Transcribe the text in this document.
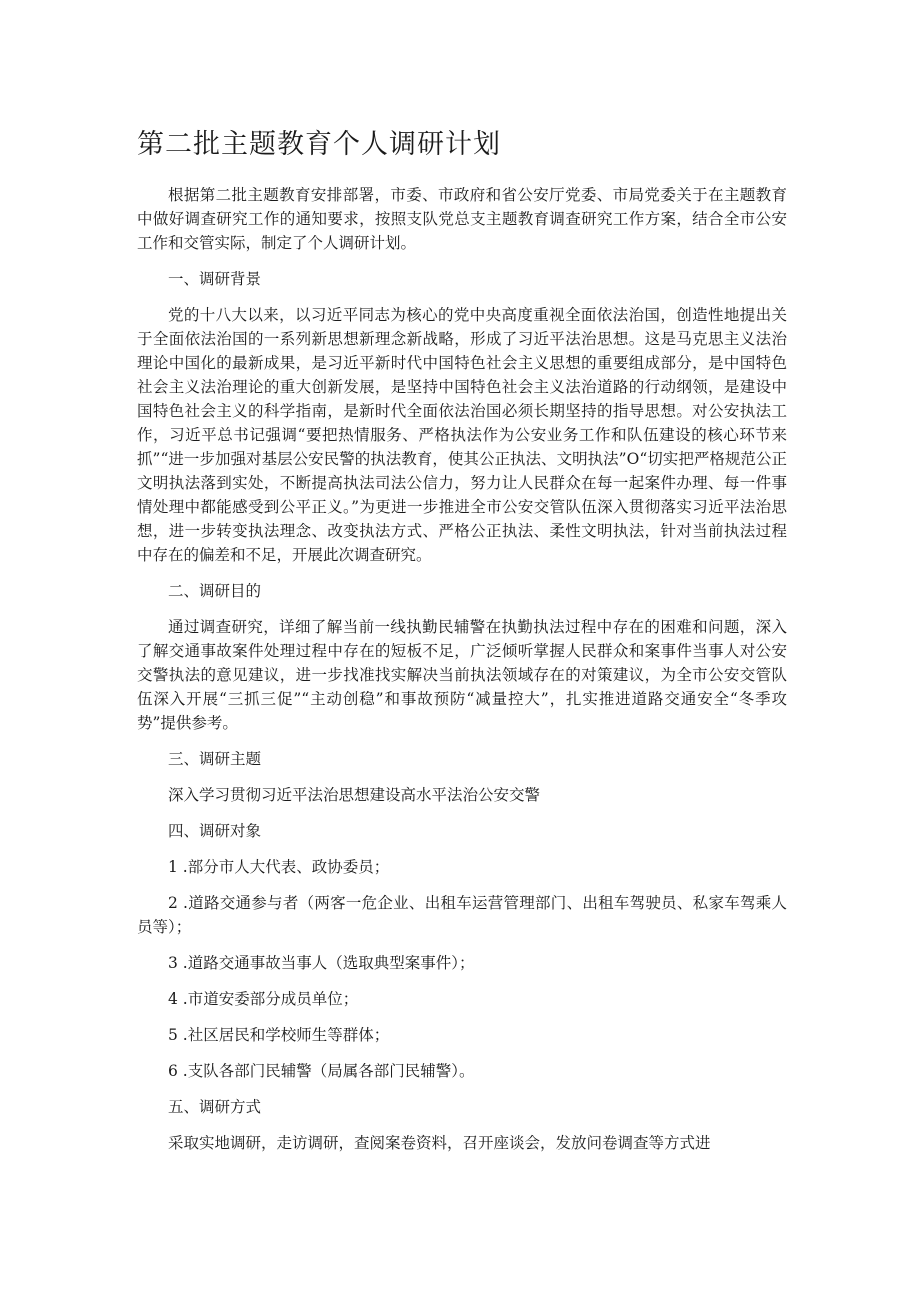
第二批主题教育个人调研计划

根据第二批主题教育安排部署，市委、市政府和省公安厅党委、市局党委关于在主题教育中做好调查研究工作的通知要求，按照支队党总支主题教育调查研究工作方案，结合全市公安工作和交管实际，制定了个人调研计划。

一、调研背景

党的十八大以来，以习近平同志为核心的党中央高度重视全面依法治国，创造性地提出关于全面依法治国的一系列新思想新理念新战略，形成了习近平法治思想。这是马克思主义法治理论中国化的最新成果，是习近平新时代中国特色社会主义思想的重要组成部分，是中国特色社会主义法治理论的重大创新发展，是坚持中国特色社会主义法治道路的行动纲领，是建设中国特色社会主义的科学指南，是新时代全面依法治国必须长期坚持的指导思想。对公安执法工作，习近平总书记强调“要把热情服务、严格执法作为公安业务工作和队伍建设的核心环节来抓”“进一步加强对基层公安民警的执法教育，使其公正执法、文明执法”O“切实把严格规范公正文明执法落到实处，不断提高执法司法公信力，努力让人民群众在每一起案件办理、每一件事情处理中都能感受到公平正义。”为更进一步推进全市公安交管队伍深入贯彻落实习近平法治思想，进一步转变执法理念、改变执法方式、严格公正执法、柔性文明执法，针对当前执法过程中存在的偏差和不足，开展此次调查研究。

二、调研目的

通过调查研究，详细了解当前一线执勤民辅警在执勤执法过程中存在的困难和问题，深入了解交通事故案件处理过程中存在的短板不足，广泛倾听掌握人民群众和案事件当事人对公安交警执法的意见建议，进一步找准找实解决当前执法领域存在的对策建议，为全市公安交管队伍深入开展“三抓三促”“主动创稳”和事故预防“减量控大”，扎实推进道路交通安全“冬季攻势”提供参考。

三、调研主题

深入学习贯彻习近平法治思想建设高水平法治公安交警

四、调研对象

1 .部分市人大代表、政协委员；

2 .道路交通参与者（两客一危企业、出租车运营管理部门、出租车驾驶员、私家车驾乘人员等）；

3 .道路交通事故当事人（选取典型案事件）；

4 .市道安委部分成员单位；

5 .社区居民和学校师生等群体；

6 .支队各部门民辅警（局属各部门民辅警）。

五、调研方式

采取实地调研，走访调研，查阅案卷资料，召开座谈会，发放问卷调查等方式进
